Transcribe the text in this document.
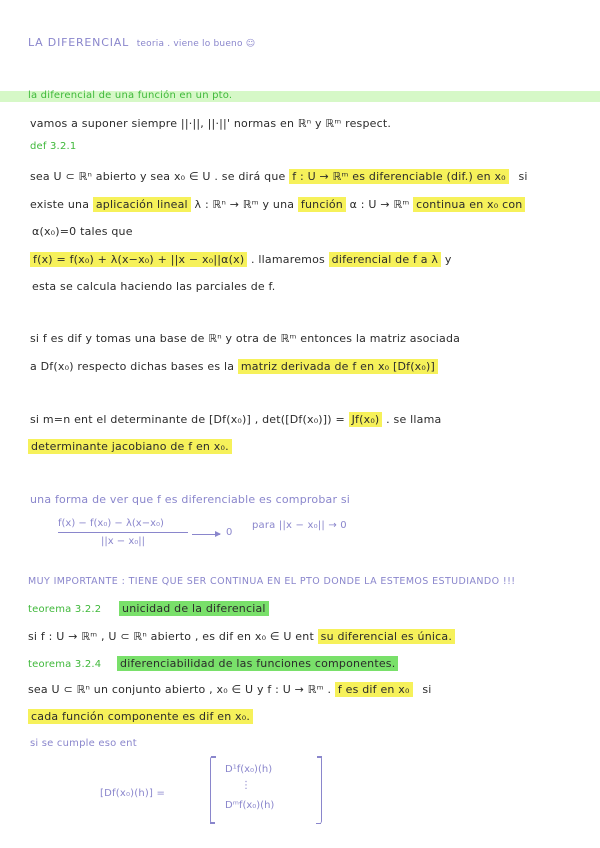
LA DIFERENCIAL teoria . viene lo bueno ☺
la diferencial de una función en un pto.
vamos a suponer siempre ||·||, ||·||' normas en ℝⁿ y ℝᵐ respect.
def 3.2.1
sea U ⊂ ℝⁿ abierto y sea x₀ ∈ U . se dirá que f : U → ℝᵐ es diferenciable (dif.) en x₀ si
existe una aplicación lineal λ : ℝⁿ → ℝᵐ y una función α : U → ℝᵐ continua en x₀ con
α(x₀)=0 tales que
f(x) = f(x₀) + λ(x−x₀) + ||x − x₀||α(x) . llamaremos diferencial de f a λ y
esta se calcula haciendo las parciales de f.
si f es dif y tomas una base de ℝⁿ y otra de ℝᵐ entonces la matriz asociada
a Df(x₀) respecto dichas bases es la matriz derivada de f en x₀ [Df(x₀)]
si m=n ent el determinante de [Df(x₀)] , det([Df(x₀)]) = Jf(x₀) . se llama
determinante jacobiano de f en x₀.
una forma de ver que f es diferenciable es comprobar si
f(x) − f(x₀) − λ(x−x₀)
||x − x₀||
0
para ||x − x₀|| → 0
MUY IMPORTANTE : TIENE QUE SER CONTINUA EN EL PTO DONDE LA ESTEMOS ESTUDIANDO !!!
teorema 3.2.2 unicidad de la diferencial
si f : U → ℝᵐ , U ⊂ ℝⁿ abierto , es dif en x₀ ∈ U ent su diferencial es única.
teorema 3.2.4 diferenciabilidad de las funciones componentes.
sea U ⊂ ℝⁿ un conjunto abierto , x₀ ∈ U y f : U → ℝᵐ . f es dif en x₀ si
cada función componente es dif en x₀.
si se cumple eso ent
[Df(x₀)(h)] =
D¹f(x₀)(h)
⋮
Dᵐf(x₀)(h)
